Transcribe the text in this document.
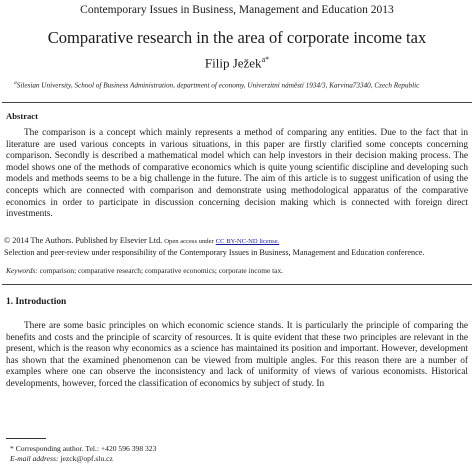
Contemporary Issues in Business, Management and Education 2013
Comparative research in the area of corporate income tax
Filip Ježek$^{a*}$
$^a$Silesian University, School of Business Administration, department of economy, Univerzitní náměstí 1934/3, Karvina73340, Czech Republic
Abstract

The comparison is a concept which mainly represents a method of comparing any entities. Due to the fact that in literature are used various concepts in various situations, in this paper are firstly clarified some concepts concerning comparison. Secondly is described a mathematical model which can help investors in their decision making process. The model shows one of the methods of comparative economics which is quite young scientific discipline and developing such models and methods seems to be a big challenge in the future. The aim of this article is to suggest unification of using the concepts which are connected with comparison and demonstrate using methodological apparatus of the comparative economics in order to participate in discussion concerning decision making which is connected with foreign direct investments.

© 2014 The Authors. Published by Elsevier Ltd. Open access under CC BY-NC-ND license.
Selection and peer-review under responsibility of the Contemporary Issues in Business, Management and Education conference.
Keywords: comparison; comparative research; comparative economics; corporate income tax.
1. Introduction

There are some basic principles on which economic science stands. It is particularly the principle of comparing the benefits and costs and the principle of scarcity of resources. It is quite evident that these two principles are relevant in the present, which is the reason why economics as a science has maintained its position and important. However, development has shown that the examined phenomenon can be viewed from multiple angles. For this reason there are a number of examples where one can observe the inconsistency and lack of uniformity of views of various economists. Historical developments, however, forced the classification of economics by subject of study. In

* Corresponding author. Tel.: +420 596 398 323
E-mail address: jezck@opf.slu.cz
